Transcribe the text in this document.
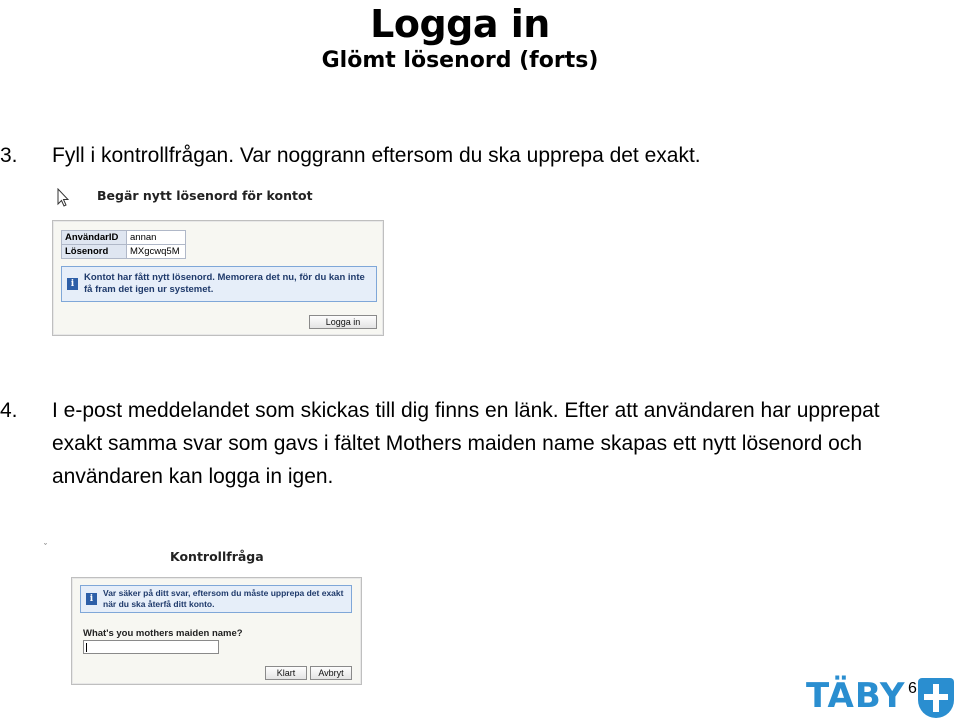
Logga in
Glömt lösenord (forts)
3. Fyll i kontrollfrågan. Var noggrann eftersom du ska upprepa det exakt.
Begär nytt lösenord för kontot
AnvändarID	annan
Lösenord	MXgcwq5M
i
Kontot har fått nytt lösenord. Memorera det nu, för du kan inte få fram det igen ur systemet.
Logga in
4. I e-post meddelandet som skickas till dig finns en länk. Efter att användaren har upprepat exakt samma svar som gavs i fältet Mothers maiden name skapas ett nytt lösenord och användaren kan logga in igen.
ˇ
Kontrollfråga
i
Var säker på ditt svar, eftersom du måste upprepa det exakt när du ska återfå ditt konto.
What's you mothers maiden name?
Klart	Avbryt
6
TÄBY
